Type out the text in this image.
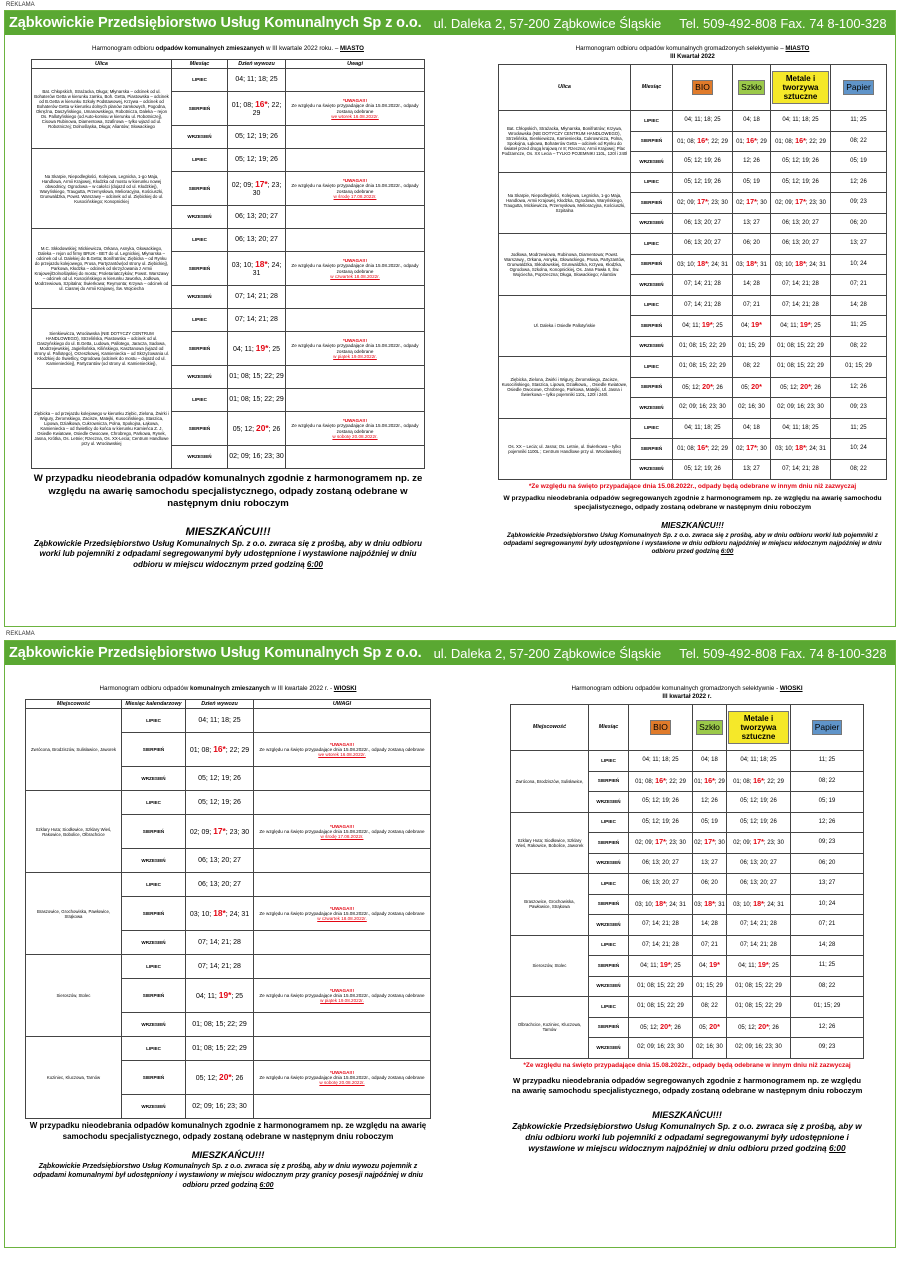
REKLAMA
Ząbkowickie Przedsiębiorstwo Usług Komunalnych Sp z o.o. ul. Daleka 2, 57-200 Ząbkowice Śląskie Tel. 509-492-808 Fax. 74 8-100-328
Harmonogram odbioru odpadów komunalnych zmieszanych w III kwartale 2022 roku. – MIASTO
Ulica	Miesiąc	Dzień wywozu	Uwagi
Bat. Chłopskich, Strażacka, Długa; Młynarska – odcinek od ul. Bohaterów Getta w kierunku zamku, Boh. Getta, Piastowska – odcinek od B.Getta w kierunku Szkoły Podstawowej, Krzywa – odcinek od Bohaterów Getta w kierunku dolnych planów zamkowych, Pogodna, Okrężna, Daszyńskiego, Umanowskiego, Robotnicza, Daleka – rejon Os. Pallotyńskiego (od Auto-komisu w kierunku ul. Robotniczej), Cisowa Rubinowa, Diamentowa, Szafirowa – tylko wjazd od ul. Robotniczej; Dolnośląska, Długa; Aliantów; Słowackiego	LIPIEC	04; 11; 18; 25	
	SIERPIEŃ	01; 08; 16*; 22; 29	*UWAGA!!!
Ze względu na święto przypadające dnia 15.08.2022r., odpady zostaną odebrane
we wtorek 16.08.2022r.

	WRZESIEŃ	05; 12; 19; 26	
Na Skarpie, Niepodległości, Kolejowa, Legnicka, 1-go Maja, Handlowa, Armii Krajowej, Kłodzka od mostu w kierunku nowej obwodnicy, Ogrodowa – w całości (dojazd od ul. Kłodzkiej), Waryńskiego, Traugutta, Przemysłowa, Melioracyjna, Kościuszki, Grunwaldzka, Powst. Warszawy – odcinek od ul. Ziębickiej do ul. Kusocińskiego; Konopnickiej	LIPIEC	05; 12; 19; 26	
	SIERPIEŃ	02; 09; 17*; 23; 30	*UWAGA!!!
Ze względu na święto przypadające dnia 15.08.2022r., odpady zostaną odebrane
w środę 17.08.2022r.

	WRZESIEŃ	06; 13; 20; 27	
M.C. Skłodowskiej; Mickiewicza, Orkana, Asnyka, Głowackiego, Daleka – rejon od firmy BRUK - BET do ul. Legnickiej, Młynarska – odcinek od ul. Dalekiej do B.Getta; Bonifratrów; Ziębicka – od Rynku do przejazdu kolejowego, Prusa, Partyzantów(od strony ul. Ziębickiej), Parkowa, Kłodzka – odcinek od skrzyżowania z Armii Krajowej/Dolnośląskiej do mostu; Proletariatczyków; Powst. Warszawy – odcinek od ul. Kusocińskiego w kierunku Jaworka, Jodłowa, Modrzewiowa, Szpitalna; Świerkowa; Reymonta; Krzywa – odcinek od ul. Ciasnej do Armii Krajowej, Św. Wojciecha	LIPIEC	06; 13; 20; 27	
	SIERPIEŃ	03; 10; 18*; 24; 31	*UWAGA!!!
Ze względu na święto przypadające dnia 15.08.2022r., odpady zostaną odebrane
w czwartek 18.08.2022r.

	WRZESIEŃ	07; 14; 21; 28	
Sienkiewicza, Wrocławska (NIE DOTYCZY CENTRUM HANDLOWEGO), Strzelińska, Piastowska – odcinek od ul. Daszyńskiego do ul. B.Getta, Ludowa, Pallotego, Jaracza, Sadowa, Modrzejewskiej, Jagiellońska, Kilińskiego, Kasztanowa (wjazd od strony ul. Pallotego), Orzeszkowej, Kamieniecka – od Skrzyżowania ul. Kłodzkiej do Świetlicy, Ogrodowa (odcinek do mostu – dojazd od ul. Kamienieckiej), Partyzantów (od strony ul. Kamienieckiej),	LIPIEC	07; 14; 21; 28	
	SIERPIEŃ	04; 11; 19*; 25	*UWAGA!!!
Ze względu na święto przypadające dnia 15.08.2022r., odpady zostaną odebrane
w piątek 19.08.2022r.

	WRZESIEŃ	01; 08; 15; 22; 29	
Ziębicka – od przejazdu kolejowego w kierunku Ziębic, Zielona, Żwirki i Wigury, Żeromskiego, Zacisze, Matejki, Kusocińskiego, Staszica, Lipowa, Działkowa, Cukrownicza, Polna, Spokojna, Łąkowa, Kamieniecka – od Świetlicy do końca w kierunku Kamieńca Z. J, Osiedle Kwiatowe, Osiedle Owocowe, Chrobrego, Parkowa, Rynek, Jasna, Krótka, Os. Letnie; Rzeczna, Os. XX-Lecia; Centrum Handlowe przy ul. Wrocławskiej	LIPIEC	01; 08; 15; 22; 29	
	SIERPIEŃ	05; 12; 20*; 26	*UWAGA!!!
Ze względu na święto przypadające dnia 15.08.2022r., odpady zostaną odebrane
w sobotę 20.08.2022r.

	WRZESIEŃ	02; 09; 16; 23; 30	
W przypadku nieodebrania odpadów komunalnych zgodnie z harmonogramem np. ze względu na awarię samochodu specjalistycznego, odpady zostaną odebrane w następnym dniu roboczym
MIESZKAŃCU!!!
Ząbkowickie Przedsiębiorstwo Usług Komunalnych Sp. z o.o. zwraca się z prośbą, aby w dniu odbioru worki lub pojemniki z odpadami segregowanymi były udostępnione i wystawione najpóźniej w dniu odbioru w miejscu widocznym przed godziną 6:00
Harmonogram odbioru odpadów komunalnych gromadzonych selektywnie – MIASTO
III Kwartał 2022
Ulica	Miesiąc	BIO	Szkło	Metale i tworzywa sztuczne	Papier
Bat. Chłopskich, Strażacka, Młynarska, Bonifratrów; Krzywa, Wrocławska (NIE DOTYCZY CENTRUM HANDLOWEGO), Strzelińska, Sienkiewicza, Kamieniecka, Cukrownicza, Polna, Spokojna, Łąkowa, Bohaterów Getta – odcinek od Rynku do świateł przed drogą krajową nr 8; Rzeczna; Armii Krajowej; Plac Podzamcze, Os. XX Lecia – TYLKO POJEMNIKI 110L, 120l i 240l	LIPIEC	04; 11; 18; 25	04; 18	04; 11; 18; 25	11; 25
	SIERPIEŃ	01; 08; 16*; 22; 29	01; 16*; 29	01; 08; 16*; 22; 29	08; 22
	WRZESIEŃ	05; 12; 19; 26	12; 26	05; 12; 19; 26	05; 19
Na Skarpie, Niepodległości, Kolejowa, Legnicka, 1-go Maja, Handlowa, Armii Krajowej, Kłodzka, Ogrodowa, Waryńskiego, Traugutta, Mickiewicza, Przemysłowa, Melioracyjna, Kościuszki, Szpitalna	LIPIEC	05; 12; 19; 26	05; 19	05; 12; 19; 26	12; 26
	SIERPIEŃ	02; 09; 17*; 23; 30	02; 17*; 30	02; 09; 17*; 23; 30	09; 23
	WRZESIEŃ	06; 13; 20; 27	13; 27	06; 13; 20; 27	06; 20
Jodłowa, Modrzewiowa, Rubinowa, Diamentowa; Powst. Warszawy,, Orkana, Asnyka, Głowackiego, Prusa, Partyzantów, Grunwaldzka, Skłodowskiej, Grunwaldzka, Krzywa, Kłodzka, Ogrodowa, Szkolna, Konopnickiej, Os. Jana Pawła II, Św. Wojciecha, Poprzeczna; Długa, Słowackiego; Aliantów	LIPIEC	06; 13; 20; 27	06; 20	06; 13; 20; 27	13; 27
	SIERPIEŃ	03; 10; 18*; 24; 31	03; 18*; 31	03; 10; 18*; 24; 31	10; 24
	WRZESIEŃ	07; 14; 21; 28	14; 28	07; 14; 21; 28	07; 21
Ul. Daleka i Osiedle Pallotyńskie	LIPIEC	07; 14; 21; 28	07; 21	07; 14; 21; 28	14; 28
	SIERPIEŃ	04; 11; 19*; 25	04; 19*	04; 11; 19*; 25	11; 25
	WRZESIEŃ	01; 08; 15; 22; 29	01; 15; 29	01; 08; 15; 22; 29	08; 22
Ziębicka, Zielona, Żwirki i Wigury, Żeromskiego, Zacisze, Kusocińskiego, Staszica, Lipowa, Działkowa,, , Osiedle Kwiatowe, Osiedle Owocowe, Chrobrego, Parkowa, Matejki, Ul. Jasna i Świerkowa – tylko pojemniki 110L, 120l i 240l.	LIPIEC	01; 08; 15; 22; 29	08; 22	01; 08; 15; 22; 29	01; 15; 29
	SIERPIEŃ	05; 12; 20*; 26	05; 20*	05; 12; 20*; 26	12; 26
	WRZESIEŃ	02; 09; 16; 23; 30	02; 16; 30	02; 09; 16; 23; 30	09; 23
Os. XX – Lecia; ul. Jasna; Os. Letnie, ul. Świerkowa – tylko pojemniki 1100L ; Centrum Handlowe przy ul. Wrocławskiej	LIPIEC	04; 11; 18; 25	04; 18	04; 11; 18; 25	11; 25
	SIERPIEŃ	01; 08; 16*; 22; 29	02; 17*; 30	03; 10; 18*; 24; 31	10; 24
	WRZESIEŃ	05; 12; 19; 26	13; 27	07; 14; 21; 28	08; 22
*Ze względu na święto przypadające dnia 15.08.2022r., odpady będą odebrane w innym dniu niż zazwyczaj
W przypadku nieodebrania odpadów segregowanych zgodnie z harmonogramem np. ze względu na awarię samochodu specjalistycznego, odpady zostaną odebrane w następnym dniu roboczym
MIESZKAŃCU!!!
Ząbkowickie Przedsiębiorstwo Usług Komunalnych Sp. z o.o. zwraca się z prośbą, aby w dniu odbioru worki lub pojemniki z odpadami segregowanymi były udostępnione i wystawione w dniu odbioru najpóźniej w miejscu widocznym najpóźniej w dniu odbioru przed godziną 6:00
REKLAMA
Ząbkowickie Przedsiębiorstwo Usług Komunalnych Sp z o.o. ul. Daleka 2, 57-200 Ząbkowice Śląskie Tel. 509-492-808 Fax. 74 8-100-328
Harmonogram odbioru odpadów komunalnych zmieszanych w III kwartale 2022 r. - WIOSKI
Miejscowość	Miesiąc kalendarzowy	Dzień wywozu	UWAGI
Zwrócona, Brodziszów, Sulisławice, Jaworek	LIPIEC	04; 11; 18; 25	
	SIERPIEŃ	01; 08; 16*; 22; 29	*UWAGA!!!
Ze względu na święto przypadające dnia 15.08.2022r., odpady zostaną odebrane
we wtorek 16.08.2022r.

	WRZESIEŃ	05; 12; 19; 26	
Szklary Huta; Siodłowice, Szklary Wieś, Rakowice, Bobolice, Olbrachcice	LIPIEC	05; 12; 19; 26	
	SIERPIEŃ	02; 09; 17*; 23; 30	*UWAGA!!!
Ze względu na święto przypadające dnia 15.08.2022r., odpady zostaną odebrane
w środę 17.08.2022r.

	WRZESIEŃ	06; 13; 20; 27	
Braszowice, Grochowiska, Pawłowice, Strąkowa	LIPIEC	06; 13; 20; 27	
	SIERPIEŃ	03; 10; 18*; 24; 31	*UWAGA!!!
Ze względu na święto przypadające dnia 15.08.2022r., odpady zostaną odebrane
w czwartek 18.08.2022r.

	WRZESIEŃ	07; 14; 21; 28	
Sieroszów, Stolec	LIPIEC	07; 14; 21; 28	
	SIERPIEŃ	04; 11; 19*; 25	*UWAGA!!!
Ze względu na święto przypadające dnia 15.08.2022r., odpady zostaną odebrane
w piątek 19.08.2022r.

	WRZESIEŃ	01; 08; 15; 22; 29	
Koziniec, Kluczowa, Tarnów	LIPIEC	01; 08; 15; 22; 29	
	SIERPIEŃ	05; 12; 20*; 26	*UWAGA!!!
Ze względu na święto przypadające dnia 15.08.2022r., odpady zostaną odebrane
w sobotę 20.08.2022r.

	WRZESIEŃ	02; 09; 16; 23; 30	
W przypadku nieodebrania odpadów komunalnych zgodnie z harmonogramem np. ze względu na awarię samochodu specjalistycznego, odpady zostaną odebrane w następnym dniu roboczym
MIESZKAŃCU!!!
Ząbkowickie Przedsiębiorstwo Usług Komunalnych Sp. z o.o. zwraca się z prośbą, aby w dniu wywozu pojemnik z odpadami komunalnymi był udostępniony i wystawiony w miejscu widocznym przy granicy posesji najpóźniej w dniu odbioru przed godziną 6:00
Harmonogram odbioru odpadów komunalnych gromadzonych selektywnie - WIOSKI
III kwartał 2022 r.
Miejscowość	Miesiąc	BIO	Szkło	Metale i tworzywa sztuczne	Papier
Zwrócona, Brodziszów, Sulisławice,	LIPIEC	04; 11; 18; 25	04; 18	04; 11; 18; 25	11; 25
	SIERPIEŃ	01; 08; 16*; 22; 29	01; 16*; 29	01; 08; 16*; 22; 29	08; 22
	WRZESIEŃ	05; 12; 19; 26	12; 26	05; 12; 19; 26	05; 19
Szklary Huta; Siodłowice, Szklary Wieś, Rakowice, Bobolice, Jaworek	LIPIEC	05; 12; 19; 26	05; 19	05; 12; 19; 26	12; 26
	SIERPIEŃ	02; 09; 17*; 23; 30	02; 17*; 30	02; 09; 17*; 23; 30	09; 23
	WRZESIEŃ	06; 13; 20; 27	13; 27	06; 13; 20; 27	06; 20
Braszowice, Grochowiska, Pawłowice, Strąkowa	LIPIEC	06; 13; 20; 27	06; 20	06; 13; 20; 27	13; 27
	SIERPIEŃ	03; 10; 18*; 24; 31	03; 18*; 31	03; 10; 18*; 24; 31	10; 24
	WRZESIEŃ	07; 14; 21; 28	14; 28	07; 14; 21; 28	07; 21
Sieroszów, Stolec	LIPIEC	07; 14; 21; 28	07; 21	07; 14; 21; 28	14; 28
	SIERPIEŃ	04; 11; 19*; 25	04; 19*	04; 11; 19*; 25	11; 25
	WRZESIEŃ	01; 08; 15; 22; 29	01; 15; 29	01; 08; 15; 22; 29	08; 22
Olbrachcice, Koziniec, Kluczowa, Tarnów	LIPIEC	01; 08; 15; 22; 29	08; 22	01; 08; 15; 22; 29	01; 15; 29
	SIERPIEŃ	05; 12; 20*; 26	05; 20*	05; 12; 20*; 26	12; 26
	WRZESIEŃ	02; 09; 16; 23; 30	02; 16; 30	02; 09; 16; 23; 30	09; 23
*Ze względu na święto przypadające dnia 15.08.2022r., odpady będą odebrane w innym dniu niż zazwyczaj
W przypadku nieodebrania odpadów segregowanych zgodnie z harmonogramem np. ze względu na awarię samochodu specjalistycznego, odpady zostaną odebrane w następnym dniu roboczym
MIESZKAŃCU!!!
Ząbkowickie Przedsiębiorstwo Usług Komunalnych Sp. z o.o. zwraca się z prośbą, aby w dniu odbioru worki lub pojemniki z odpadami segregowanymi były udostępnione i wystawione w miejscu widocznym najpóźniej w dniu odbioru przed godziną 6:00
